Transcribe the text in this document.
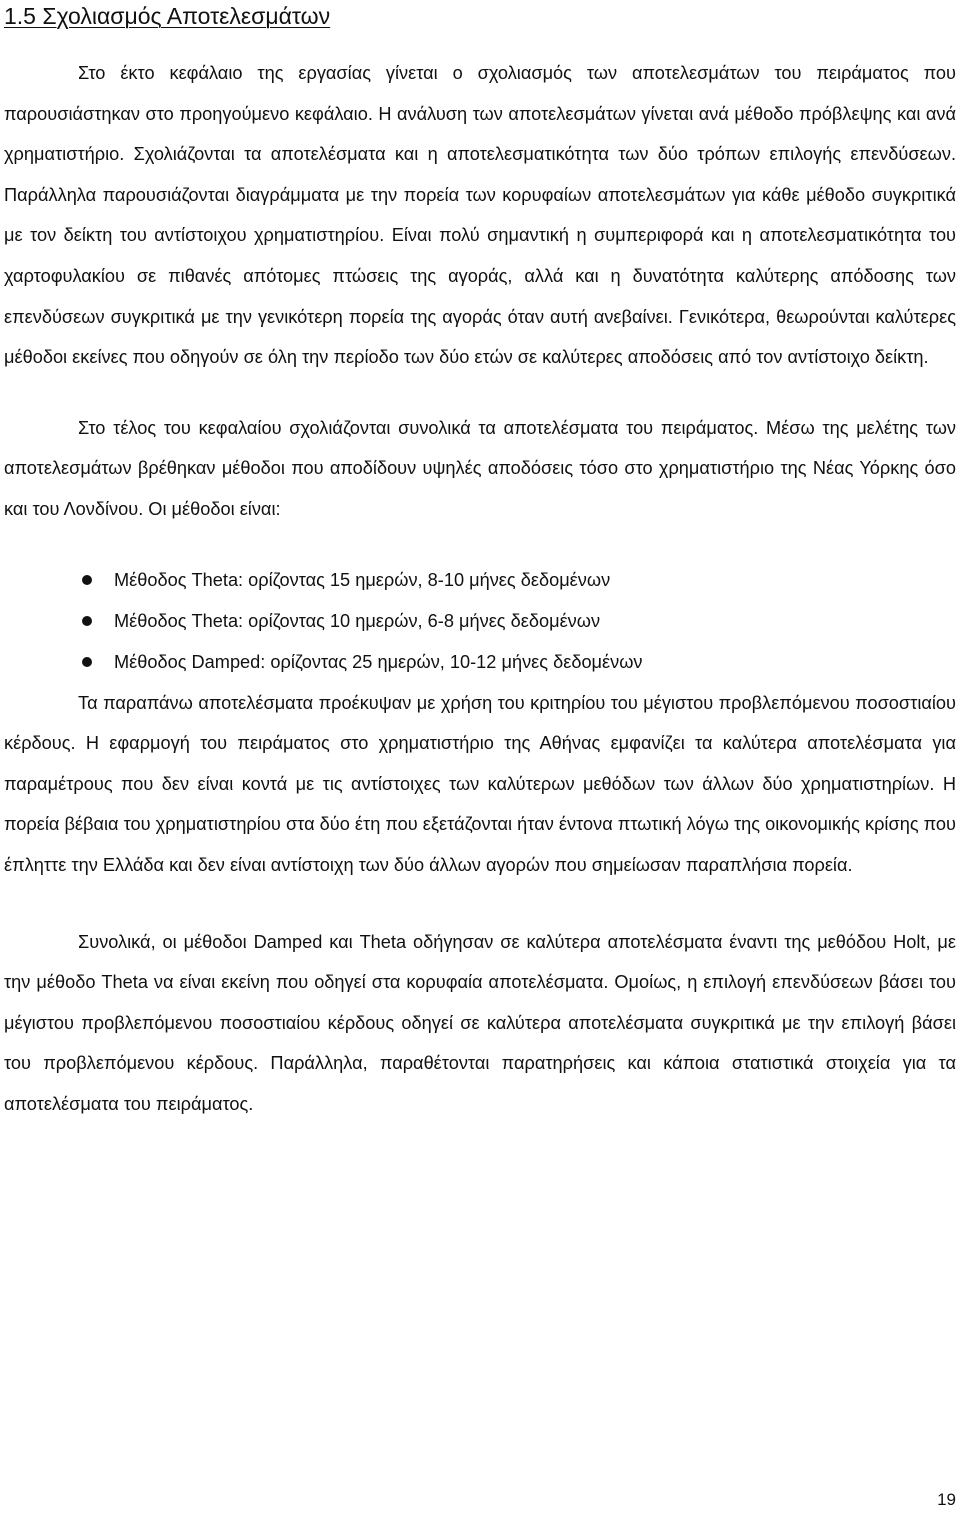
1.5 Σχολιασμός Αποτελεσμάτων

Στο έκτο κεφάλαιο της εργασίας γίνεται ο σχολιασμός των αποτελεσμάτων του πειράματος που παρουσιάστηκαν στο προηγούμενο κεφάλαιο. Η ανάλυση των αποτελεσμάτων γίνεται ανά μέθοδο πρόβλεψης και ανά χρηματιστήριο. Σχολιάζονται τα αποτελέσματα και η αποτελεσματικότητα των δύο τρόπων επιλογής επενδύσεων. Παράλληλα παρουσιάζονται διαγράμματα με την πορεία των κορυφαίων αποτελεσμάτων για κάθε μέθοδο συγκριτικά με τον δείκτη του αντίστοιχου χρηματιστηρίου. Είναι πολύ σημαντική η συμπεριφορά και η αποτελεσματικότητα του χαρτοφυλακίου σε πιθανές απότομες πτώσεις της αγοράς, αλλά και η δυνατότητα καλύτερης απόδοσης των επενδύσεων συγκριτικά με την γενικότερη πορεία της αγοράς όταν αυτή ανεβαίνει. Γενικότερα, θεωρούνται καλύτερες μέθοδοι εκείνες που οδηγούν σε όλη την περίοδο των δύο ετών σε καλύτερες αποδόσεις από τον αντίστοιχο δείκτη.

Στο τέλος του κεφαλαίου σχολιάζονται συνολικά τα αποτελέσματα του πειράματος. Μέσω της μελέτης των αποτελεσμάτων βρέθηκαν μέθοδοι που αποδίδουν υψηλές αποδόσεις τόσο στο χρηματιστήριο της Νέας Υόρκης όσο και του Λονδίνου. Οι μέθοδοι είναι:

Μέθοδος Theta: ορίζοντας 15 ημερών, 8-10 μήνες δεδομένων
Μέθοδος Theta: ορίζοντας 10 ημερών, 6-8 μήνες δεδομένων
Μέθοδος Damped: ορίζοντας 25 ημερών, 10-12 μήνες δεδομένων

Τα παραπάνω αποτελέσματα προέκυψαν με χρήση του κριτηρίου του μέγιστου προβλεπόμενου ποσοστιαίου κέρδους. Η εφαρμογή του πειράματος στο χρηματιστήριο της Αθήνας εμφανίζει τα καλύτερα αποτελέσματα για παραμέτρους που δεν είναι κοντά με τις αντίστοιχες των καλύτερων μεθόδων των άλλων δύο χρηματιστηρίων. Η πορεία βέβαια του χρηματιστηρίου στα δύο έτη που εξετάζονται ήταν έντονα πτωτική λόγω της οικονομικής κρίσης που έπληττε την Ελλάδα και δεν είναι αντίστοιχη των δύο άλλων αγορών που σημείωσαν παραπλήσια πορεία.

Συνολικά, οι μέθοδοι Damped και Theta οδήγησαν σε καλύτερα αποτελέσματα έναντι της μεθόδου Holt, με την μέθοδο Theta να είναι εκείνη που οδηγεί στα κορυφαία αποτελέσματα. Ομοίως, η επιλογή επενδύσεων βάσει του μέγιστου προβλεπόμενου ποσοστιαίου κέρδους οδηγεί σε καλύτερα αποτελέσματα συγκριτικά με την επιλογή βάσει του προβλεπόμενου κέρδους. Παράλληλα, παραθέτονται παρατηρήσεις και κάποια στατιστικά στοιχεία για τα αποτελέσματα του πειράματος.

19
